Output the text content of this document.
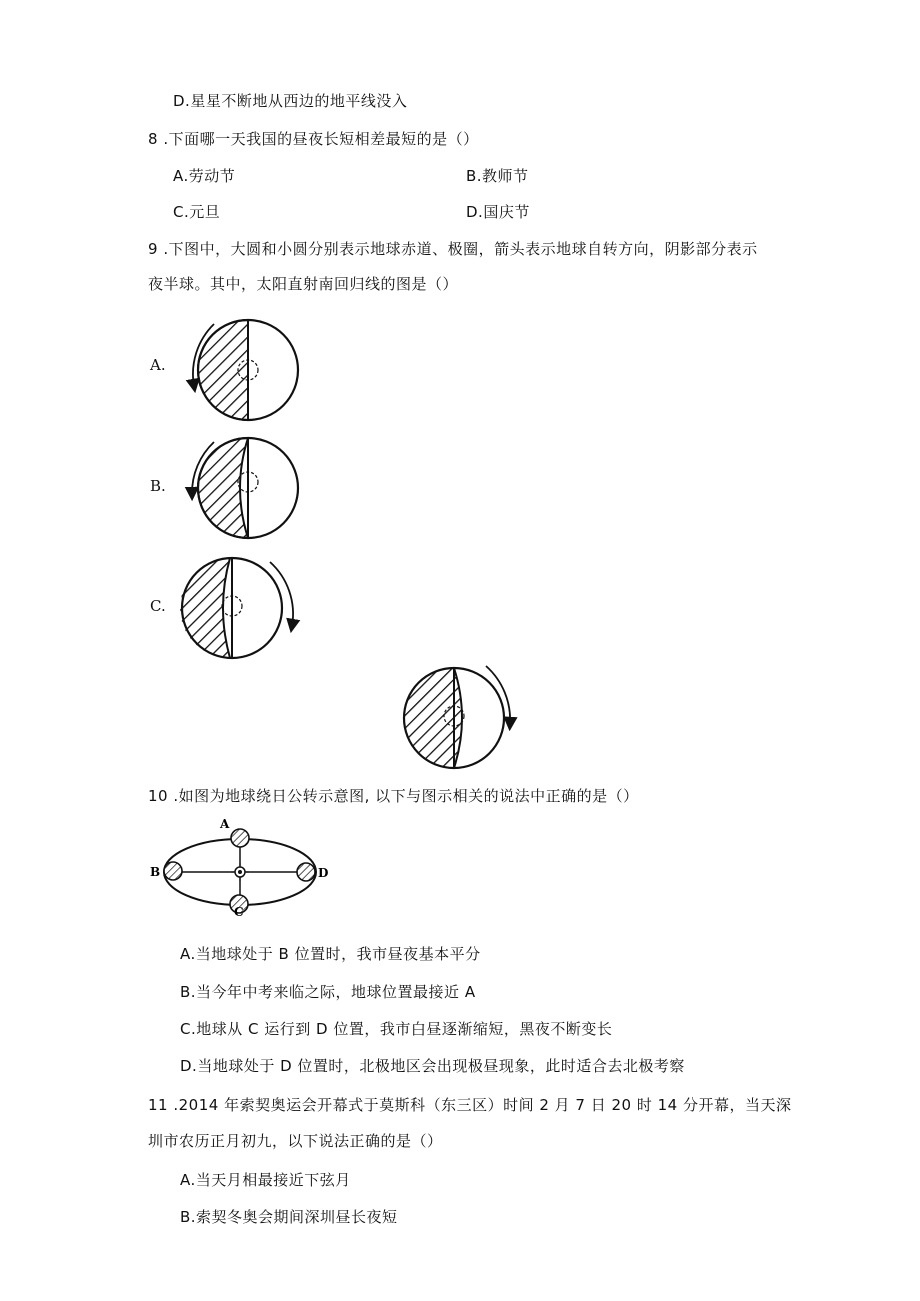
D.星星不断地从西边的地平线没入
8 .下面哪一天我国的昼夜长短相差最短的是（）
A.劳动节	B.教师节
C.元旦	D.国庆节
9 .下图中，大圆和小圆分别表示地球赤道、极圈，箭头表示地球自转方向，阴影部分表示
夜半球。其中，太阳直射南回归线的图是（）
A.
B.
C.
10 .如图为地球绕日公转示意图, 以下与图示相关的说法中正确的是（）
A
B
C
D
A.当地球处于 B 位置时，我市昼夜基本平分
B.当今年中考来临之际，地球位置最接近 A
C.地球从 C 运行到 D 位置，我市白昼逐渐缩短，黑夜不断变长
D.当地球处于 D 位置时，北极地区会出现极昼现象，此时适合去北极考察
11 .2014 年索契奥运会开幕式于莫斯科（东三区）时间 2 月 7 日 20 时 14 分开幕，当天深
圳市农历正月初九，以下说法正确的是（）
A.当天月相最接近下弦月
B.索契冬奥会期间深圳昼长夜短
